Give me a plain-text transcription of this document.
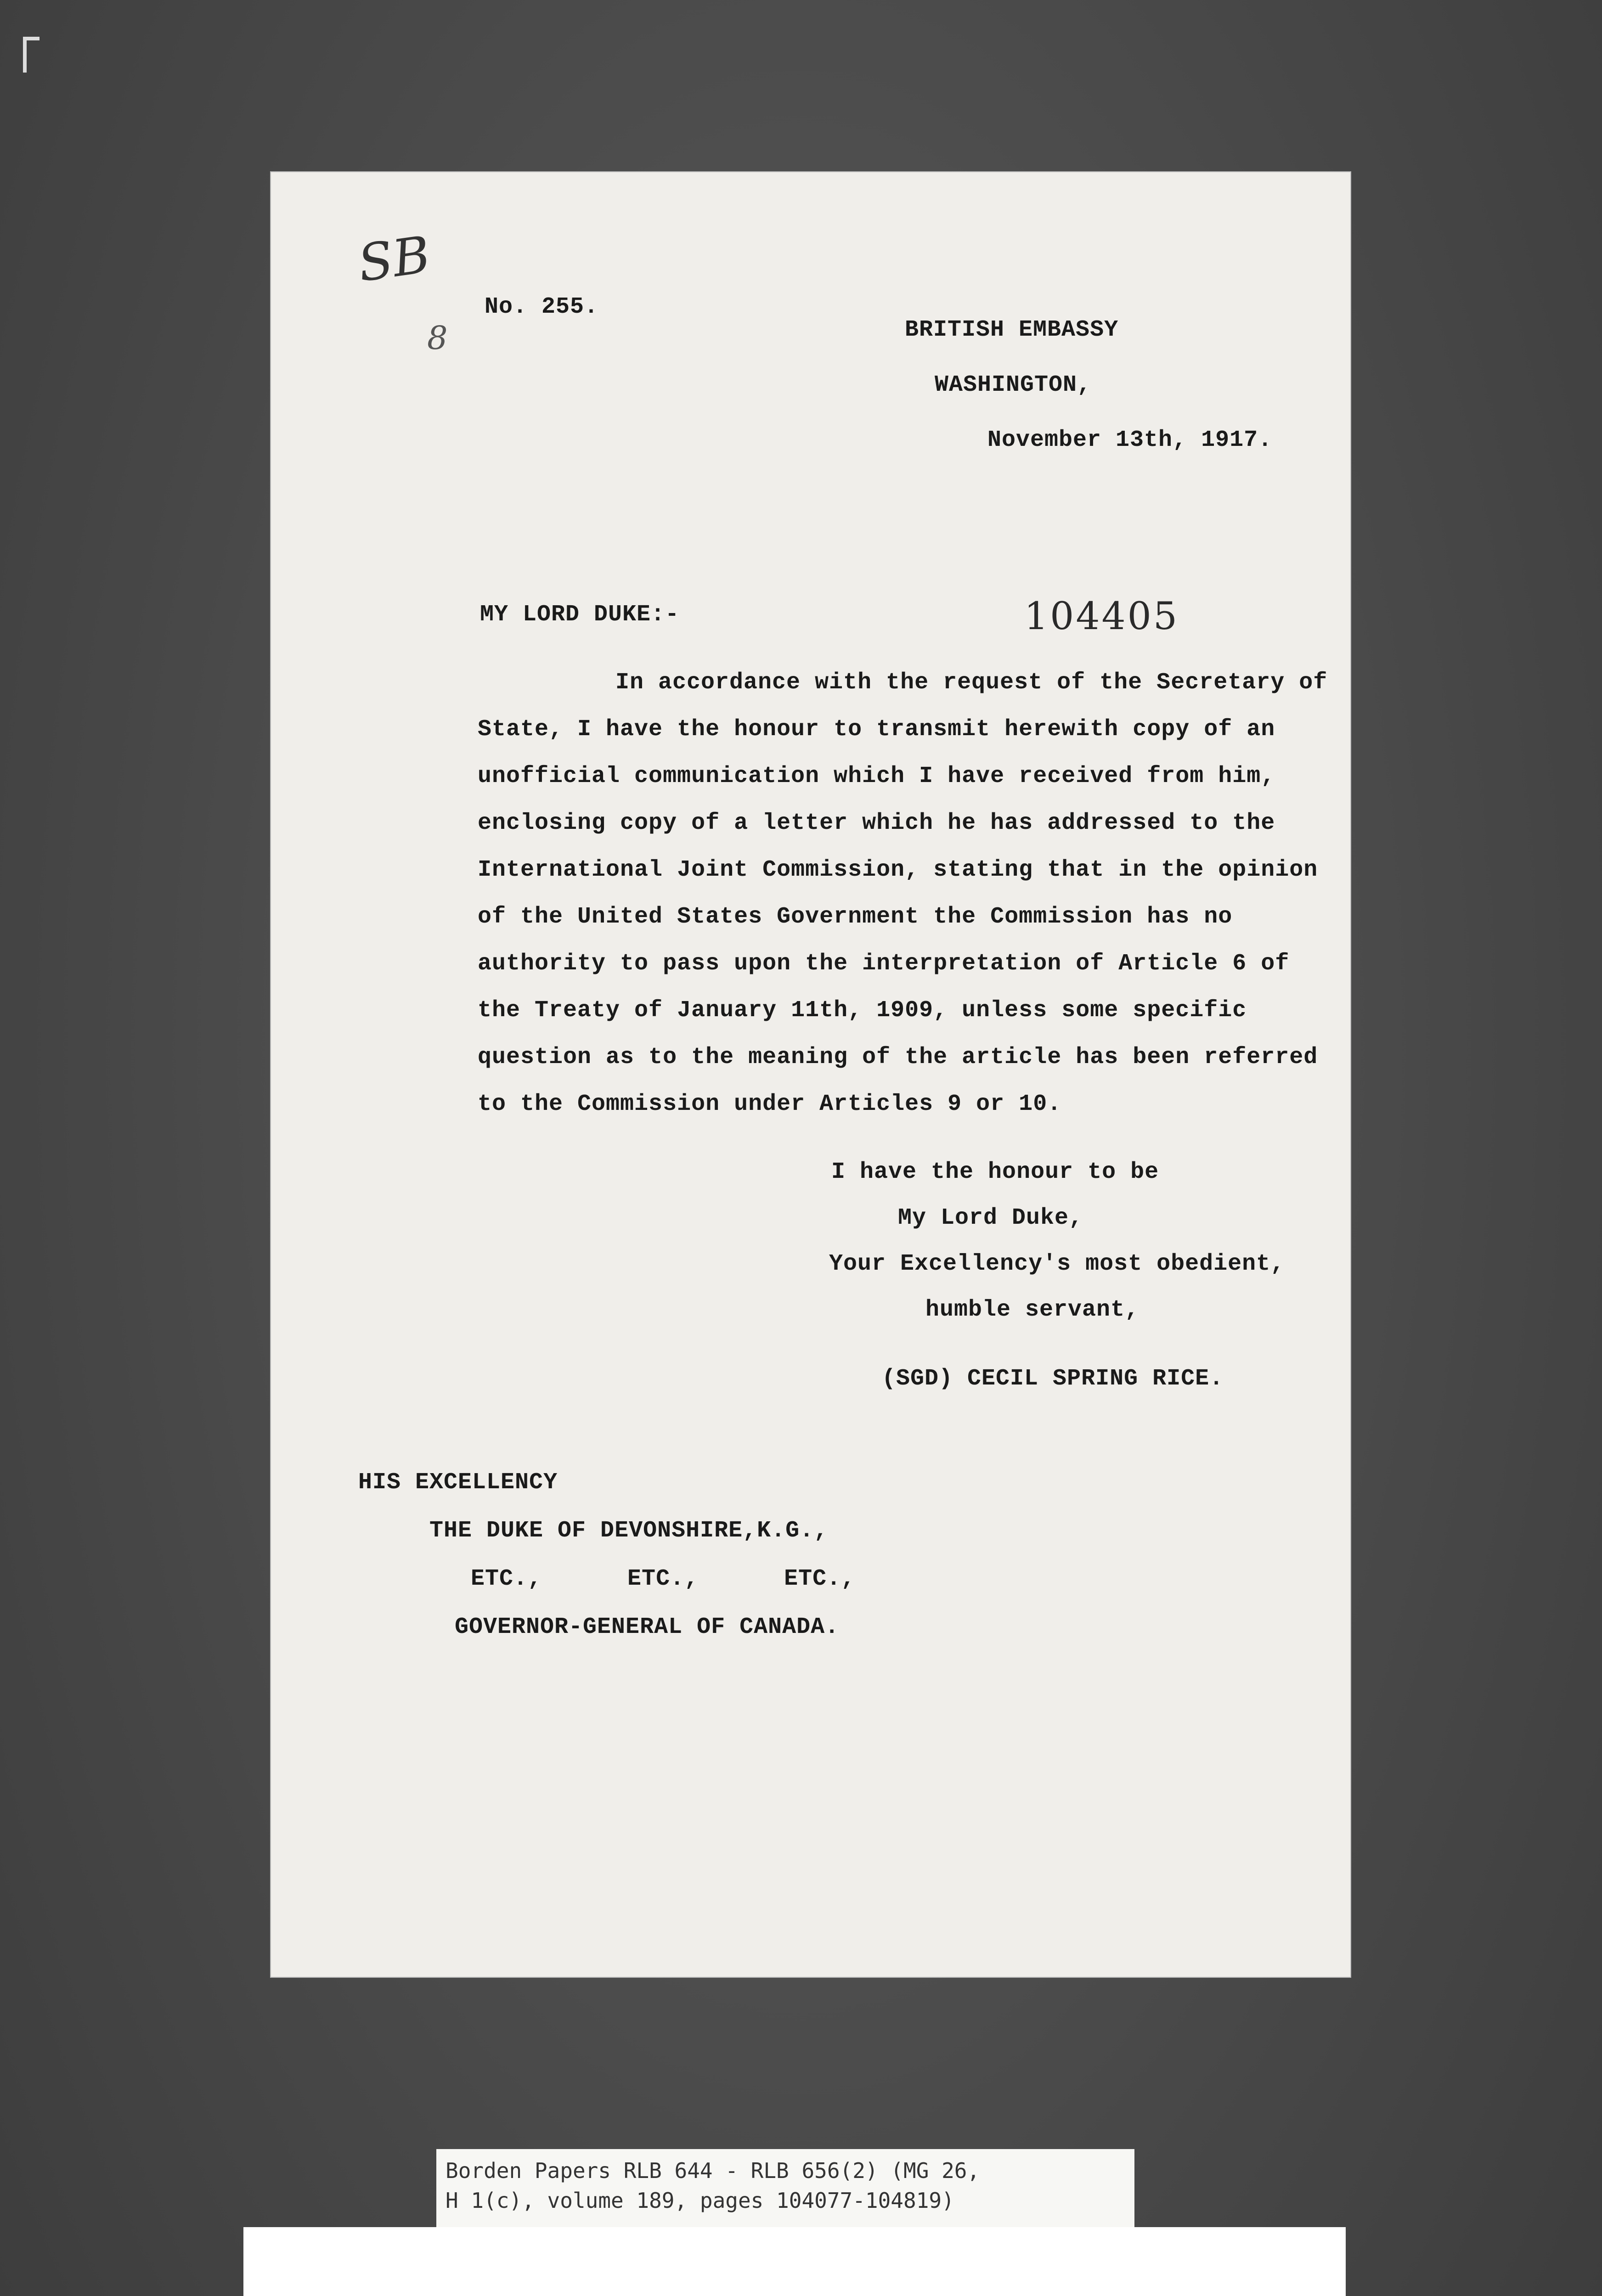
SB
8
No. 255.
BRITISH EMBASSY
WASHINGTON,
November 13th, 1917.
MY LORD DUKE:-	104405
In accordance with the request of the Secretary of
State, I have the honour to transmit herewith copy of an
unofficial communication which I have received from him,
enclosing copy of a letter which he has addressed to the
International Joint Commission, stating that in the opinion
of the United States Government the Commission has no
authority to pass upon the interpretation of Article 6 of
the Treaty of January 11th, 1909, unless some specific
question as to the meaning of the article has been referred
to the Commission under Articles 9 or 10.
I have the honour to be
My Lord Duke,
Your Excellency's most obedient,
humble servant,
(SGD) CECIL SPRING RICE.
HIS EXCELLENCY
THE DUKE OF DEVONSHIRE,K.G.,
ETC.,      ETC.,      ETC.,
GOVERNOR-GENERAL OF CANADA.
Borden Papers RLB 644 - RLB 656(2) (MG 26,
H 1(c), volume 189, pages 104077-104819)
